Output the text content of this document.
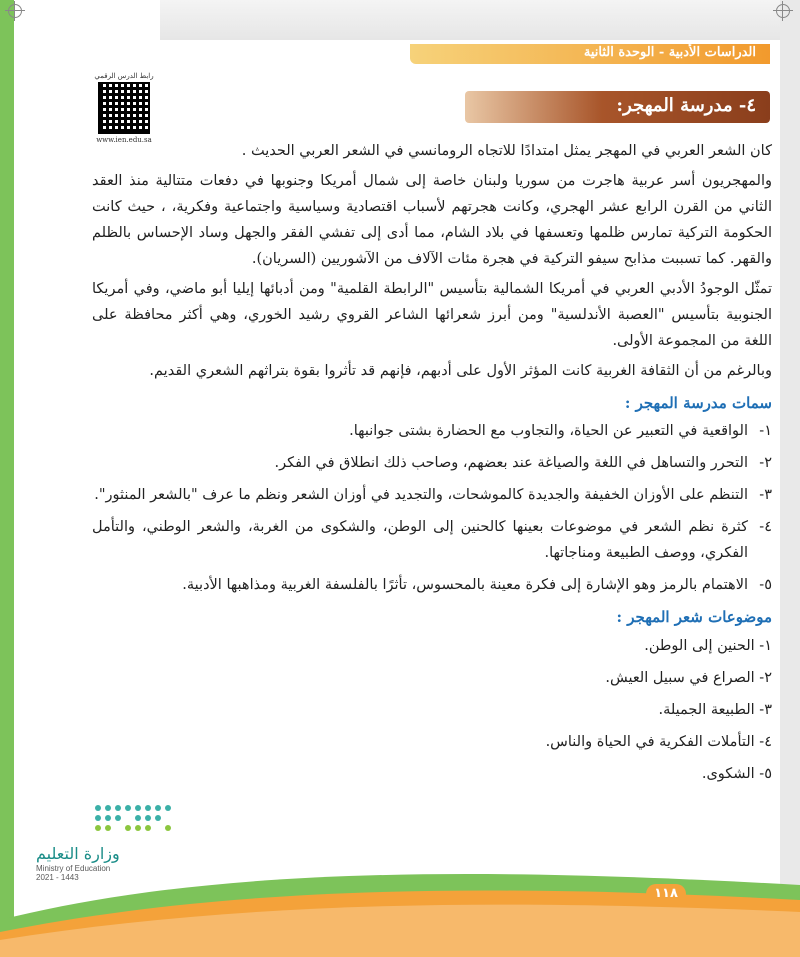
الدراسات الأدبية - الوحدة الثانية
رابط الدرس الرقمي
www.ien.edu.sa
٤- مدرسة المهجر:

كان الشعر العربي في المهجر يمثل امتدادًا للاتجاه الرومانسي في الشعر العربي الحديث .

والمهجريون أسر عربية هاجرت من سوريا ولبنان خاصة إلى شمال أمريكا وجنوبها في دفعات متتالية منذ العقد الثاني من القرن الرابع عشر الهجري، وكانت هجرتهم لأسباب اقتصادية وسياسية واجتماعية وفكرية، ، حيث كانت الحكومة التركية تمارس ظلمها وتعسفها في بلاد الشام، مما أدى إلى تفشي الفقر والجهل وساد الإحساس بالظلم والقهر. كما تسببت مذابح سيفو التركية في هجرة مئات الآلاف من الآشوريين (السريان).

تمثّل الوجودُ الأدبي العربي في أمريكا الشمالية بتأسيس "الرابطة القلمية" ومن أدبائها إيليا أبو ماضي، وفي أمريكا الجنوبية بتأسيس "العصبة الأندلسية" ومن أبرز شعرائها الشاعر القروي رشيد الخوري، وهي أكثر محافظة على اللغة من المجموعة الأولى.

وبالرغم من أن الثقافة الغربية كانت المؤثر الأول على أدبهم، فإنهم قد تأثروا بقوة بتراثهم الشعري القديم.

سمات مدرسة المهجر :
١-
الواقعية في التعبير عن الحياة، والتجاوب مع الحضارة بشتى جوانبها.
٢-
التحرر والتساهل في اللغة والصياغة عند بعضهم، وصاحب ذلك انطلاق في الفكر.
٣-
التنظم على الأوزان الخفيفة والجديدة كالموشحات، والتجديد في أوزان الشعر ونظم ما عرف "بالشعر المنثور".
٤-
كثرة نظم الشعر في موضوعات بعينها كالحنين إلى الوطن، والشكوى من الغربة، والشعر الوطني، والتأمل الفكري، ووصف الطبيعة ومناجاتها.
٥-
الاهتمام بالرمز وهو الإشارة إلى فكرة معينة بالمحسوس، تأثرًا بالفلسفة الغربية ومذاهبها الأدبية.
موضوعات شعر المهجر :
١- الحنين إلى الوطن.
٢- الصراع في سبيل العيش.
٣- الطبيعة الجميلة.
٤- التأملات الفكرية في الحياة والناس.
٥- الشكوى.
وزارة التعليم
Ministry of Education
2021 - 1443
١١٨
